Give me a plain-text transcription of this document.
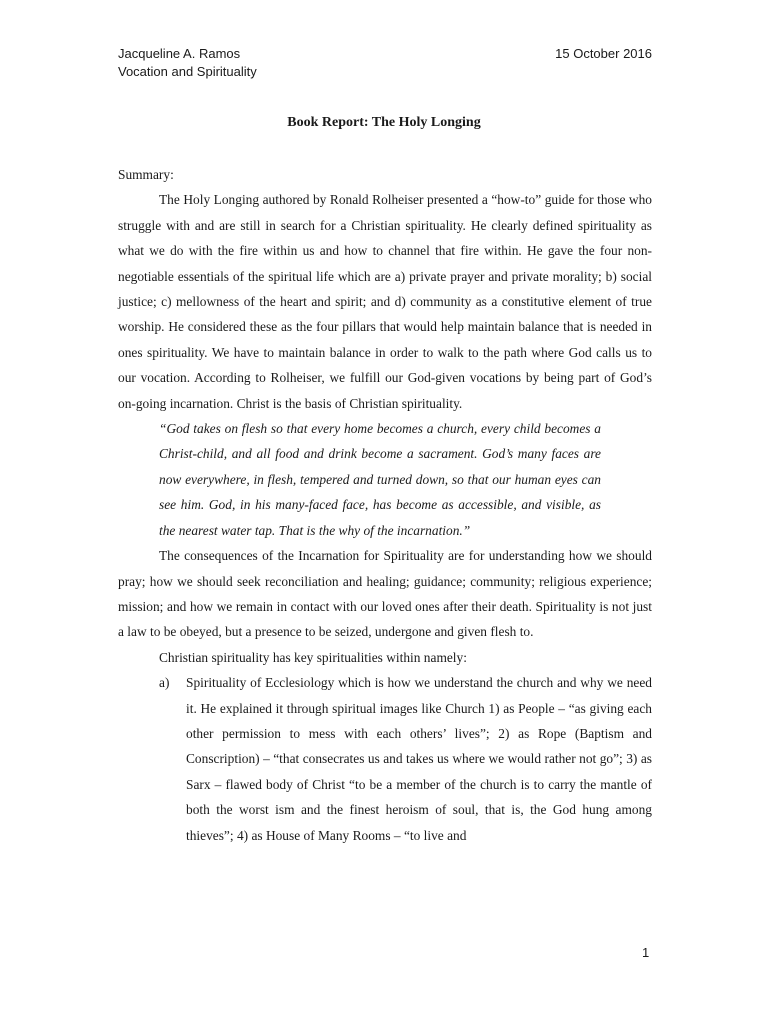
Jacqueline A. Ramos	15 October 2016
Vocation and Spirituality
Book Report: The Holy Longing

Summary:

The Holy Longing authored by Ronald Rolheiser presented a “how-to” guide for those who struggle with and are still in search for a Christian spirituality. He clearly defined spirituality as what we do with the fire within us and how to channel that fire within. He gave the four non-negotiable essentials of the spiritual life which are a) private prayer and private morality; b) social justice; c) mellowness of the heart and spirit; and d) community as a constitutive element of true worship. He considered these as the four pillars that would help maintain balance that is needed in ones spirituality. We have to maintain balance in order to walk to the path where God calls us to our vocation. According to Rolheiser, we fulfill our God-given vocations by being part of God’s on-going incarnation. Christ is the basis of Christian spirituality.

“God takes on flesh so that every home becomes a church, every child becomes a Christ-child, and all food and drink become a sacrament. God’s many faces are now everywhere, in flesh, tempered and turned down, so that our human eyes can see him. God, in his many-faced face, has become as accessible, and visible, as the nearest water tap. That is the why of the incarnation.”

The consequences of the Incarnation for Spirituality are for understanding how we should pray; how we should seek reconciliation and healing; guidance; community; religious experience; mission; and how we remain in contact with our loved ones after their death. Spirituality is not just a law to be obeyed, but a presence to be seized, undergone and given flesh to.

Christian spirituality has key spiritualities within namely:

a)	Spirituality of Ecclesiology which is how we understand the church and why we need it. He explained it through spiritual images like Church 1) as People – “as giving each other permission to mess with each others’ lives”; 2) as Rope (Baptism and Conscription) – “that consecrates us and takes us where we would rather not go”; 3) as Sarx – flawed body of Christ “to be a member of the church is to carry the mantle of both the worst ism and the finest heroism of soul, that is, the God hung among thieves”; 4) as House of Many Rooms – “to live and
1
